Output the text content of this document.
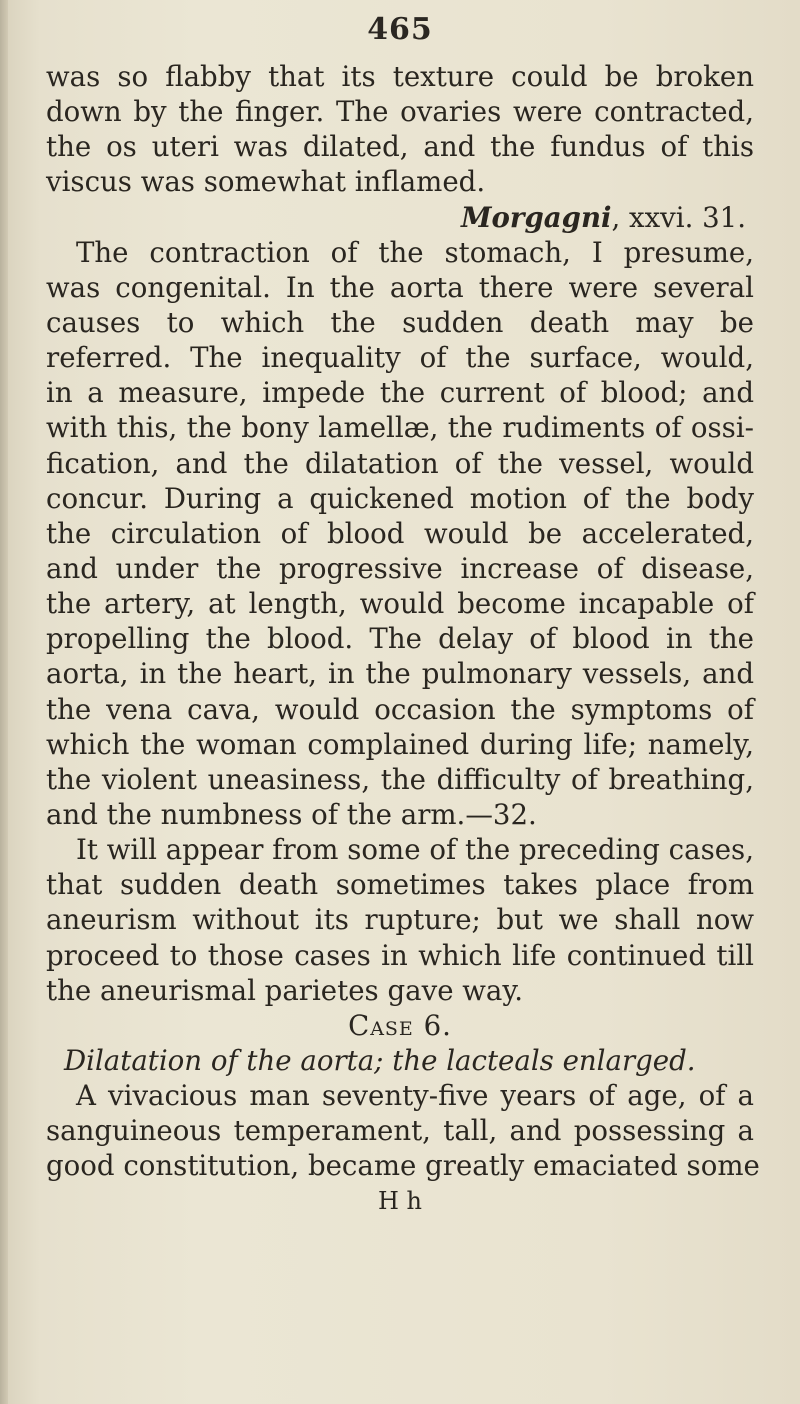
465
was so flabby that its texture could be broken
down by the finger. The ovaries were contracted,
the os uteri was dilated, and the fundus of this
viscus was somewhat inflamed.
Morgagni, xxvi. 31.
The contraction of the stomach, I presume,
was congenital. In the aorta there were several
causes to which the sudden death may be
referred. The inequality of the surface, would,
in a measure, impede the current of blood; and
with this, the bony lamellæ, the rudiments of ossi-
fication, and the dilatation of the vessel, would
concur. During a quickened motion of the body
the circulation of blood would be accelerated,
and under the progressive increase of disease,
the artery, at length, would become incapable of
propelling the blood. The delay of blood in the
aorta, in the heart, in the pulmonary vessels, and
the vena cava, would occasion the symptoms of
which the woman complained during life; namely,
the violent uneasiness, the difficulty of breathing,
and the numbness of the arm.—32.
It will appear from some of the preceding cases,
that sudden death sometimes takes place from
aneurism without its rupture; but we shall now
proceed to those cases in which life continued till
the aneurismal parietes gave way.
Case 6.
Dilatation of the aorta; the lacteals enlarged.
A vivacious man seventy-five years of age, of a
sanguineous temperament, tall, and possessing a
good constitution, became greatly emaciated some
H h
